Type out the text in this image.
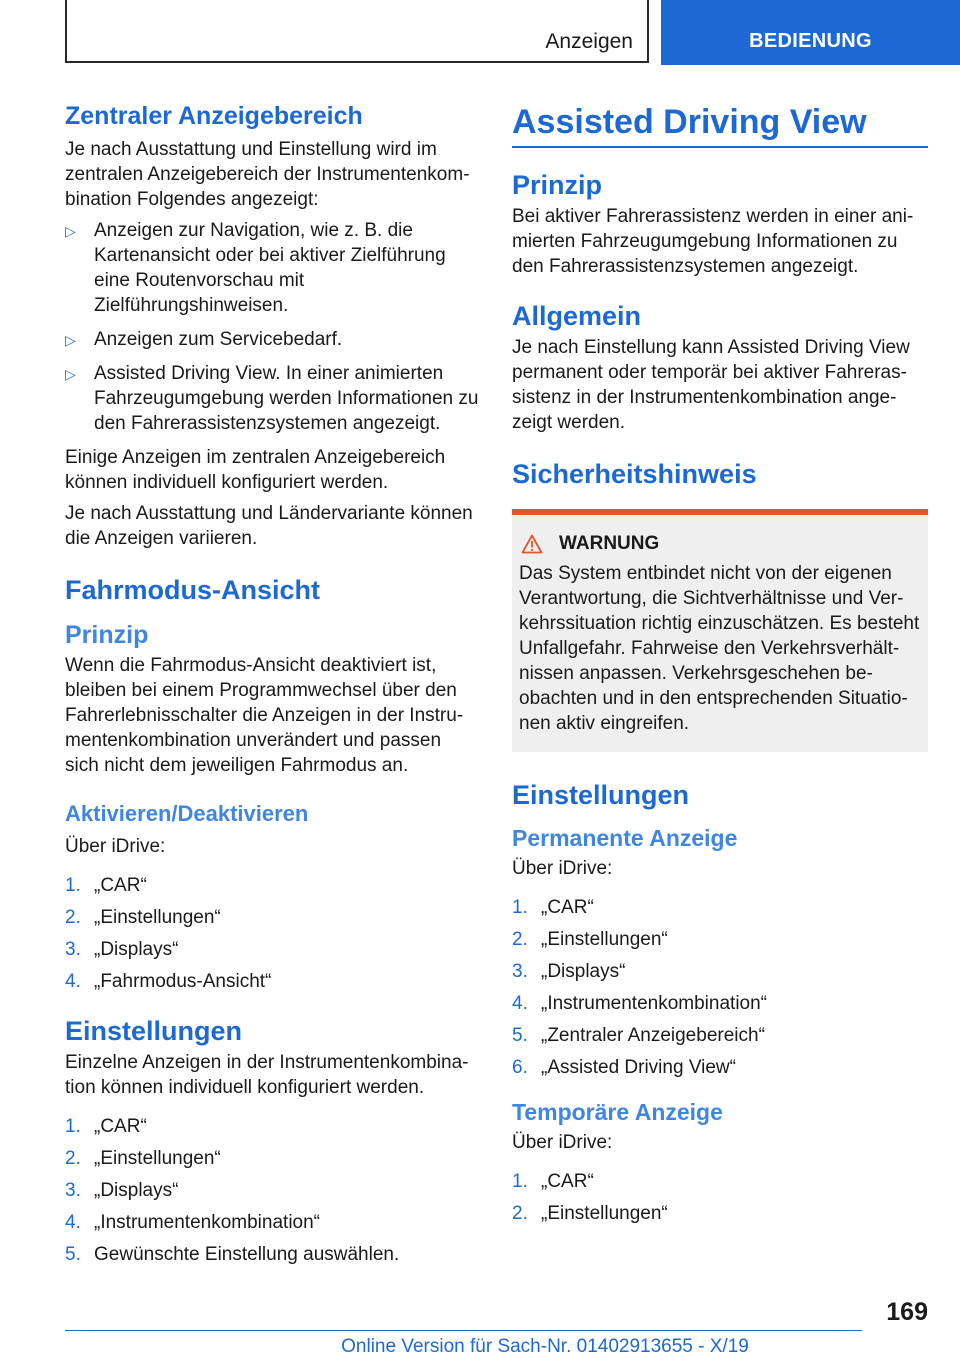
Anzeigen	BEDIENUNG
Zentraler Anzeigebereich

Je nach Ausstattung und Einstellung wird im zentralen Anzeigebereich der Instrumentenkombination Folgendes angezeigt:

▷ Anzeigen zur Navigation, wie z. B. die Kartenansicht oder bei aktiver Zielführung eine Routenvorschau mit Zielführungshinweisen.
▷ Anzeigen zum Servicebedarf.
▷ Assisted Driving View. In einer animierten Fahrzeugumgebung werden Informationen zu den Fahrerassistenzsystemen angezeigt.

Einige Anzeigen im zentralen Anzeigebereich können individuell konfiguriert werden.

Je nach Ausstattung und Ländervariante können die Anzeigen variieren.

Fahrmodus-Ansicht
Prinzip

Wenn die Fahrmodus-Ansicht deaktiviert ist, bleiben bei einem Programmwechsel über den Fahrerlebnisschalter die Anzeigen in der Instrumentenkombination unverändert und passen sich nicht dem jeweiligen Fahrmodus an.

Aktivieren/Deaktivieren

Über iDrive:

1. „CAR“
2. „Einstellungen“
3. „Displays“
4. „Fahrmodus-Ansicht“
Einstellungen

Einzelne Anzeigen in der Instrumentenkombination können individuell konfiguriert werden.

1. „CAR“
2. „Einstellungen“
3. „Displays“
4. „Instrumentenkombination“
5. Gewünschte Einstellung auswählen.
Assisted Driving View
Prinzip

Bei aktiver Fahrerassistenz werden in einer animierten Fahrzeugumgebung Informationen zu den Fahrerassistenzsystemen angezeigt.

Allgemein

Je nach Einstellung kann Assisted Driving View permanent oder temporär bei aktiver Fahrerassistenz in der Instrumentenkombination angezeigt werden.

Sicherheitshinweis
WARNUNG

Das System entbindet nicht von der eigenen Verantwortung, die Sichtverhältnisse und Verkehrssituation richtig einzuschätzen. Es besteht Unfallgefahr. Fahrweise den Verkehrsverhältnissen anpassen. Verkehrsgeschehen beobachten und in den entsprechenden Situationen aktiv eingreifen.

Einstellungen
Permanente Anzeige

Über iDrive:

1. „CAR“
2. „Einstellungen“
3. „Displays“
4. „Instrumentenkombination“
5. „Zentraler Anzeigebereich“
6. „Assisted Driving View“
Temporäre Anzeige

Über iDrive:

1. „CAR“
2. „Einstellungen“
169
Online Version für Sach-Nr. 01402913655 - X/19
